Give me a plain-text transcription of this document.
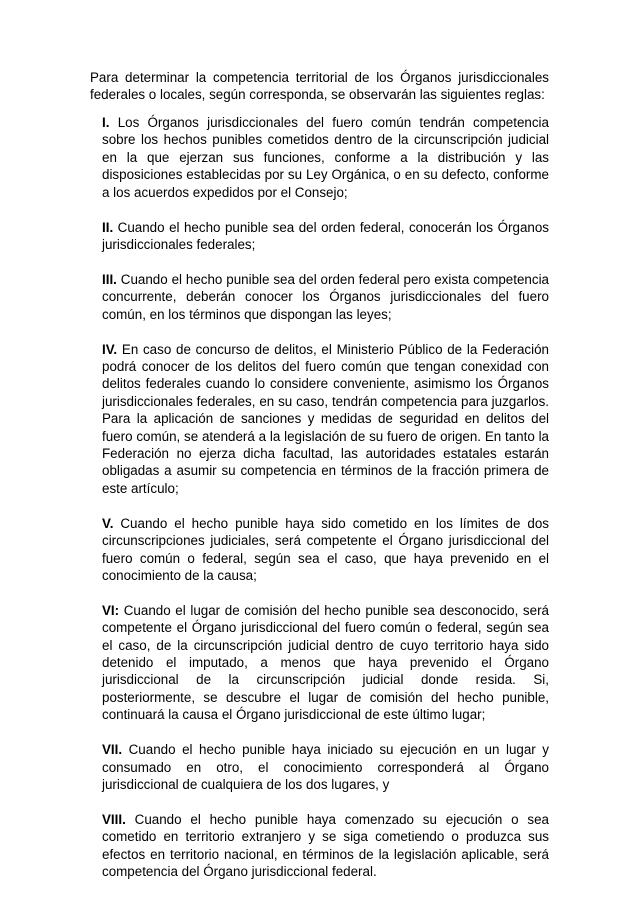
Para determinar la competencia territorial de los Órganos jurisdiccionales federales o locales, según corresponda, se observarán las siguientes reglas:

I. Los Órganos jurisdiccionales del fuero común tendrán competencia sobre los hechos punibles cometidos dentro de la circunscripción judicial en la que ejerzan sus funciones, conforme a la distribución y las disposiciones establecidas por su Ley Orgánica, o en su defecto, conforme a los acuerdos expedidos por el Consejo;
II. Cuando el hecho punible sea del orden federal, conocerán los Órganos jurisdiccionales federales;
III. Cuando el hecho punible sea del orden federal pero exista competencia concurrente, deberán conocer los Órganos jurisdiccionales del fuero común, en los términos que dispongan las leyes;
IV. En caso de concurso de delitos, el Ministerio Público de la Federación podrá conocer de los delitos del fuero común que tengan conexidad con delitos federales cuando lo considere conveniente, asimismo los Órganos jurisdiccionales federales, en su caso, tendrán competencia para juzgarlos. Para la aplicación de sanciones y medidas de seguridad en delitos del fuero común, se atenderá a la legislación de su fuero de origen. En tanto la Federación no ejerza dicha facultad, las autoridades estatales estarán obligadas a asumir su competencia en términos de la fracción primera de este artículo;
V. Cuando el hecho punible haya sido cometido en los límites de dos circunscripciones judiciales, será competente el Órgano jurisdiccional del fuero común o federal, según sea el caso, que haya prevenido en el conocimiento de la causa;
VI: Cuando el lugar de comisión del hecho punible sea desconocido, será competente el Órgano jurisdiccional del fuero común o federal, según sea el caso, de la circunscripción judicial dentro de cuyo territorio haya sido detenido el imputado, a menos que haya prevenido el Órgano jurisdiccional de la circunscripción judicial donde resida. Si, posteriormente, se descubre el lugar de comisión del hecho punible, continuará la causa el Órgano jurisdiccional de este último lugar;
VII. Cuando el hecho punible haya iniciado su ejecución en un lugar y consumado en otro, el conocimiento corresponderá al Órgano jurisdiccional de cualquiera de los dos lugares, y
VIII. Cuando el hecho punible haya comenzado su ejecución o sea cometido en territorio extranjero y se siga cometiendo o produzca sus efectos en territorio nacional, en términos de la legislación aplicable, será competencia del Órgano jurisdiccional federal.
